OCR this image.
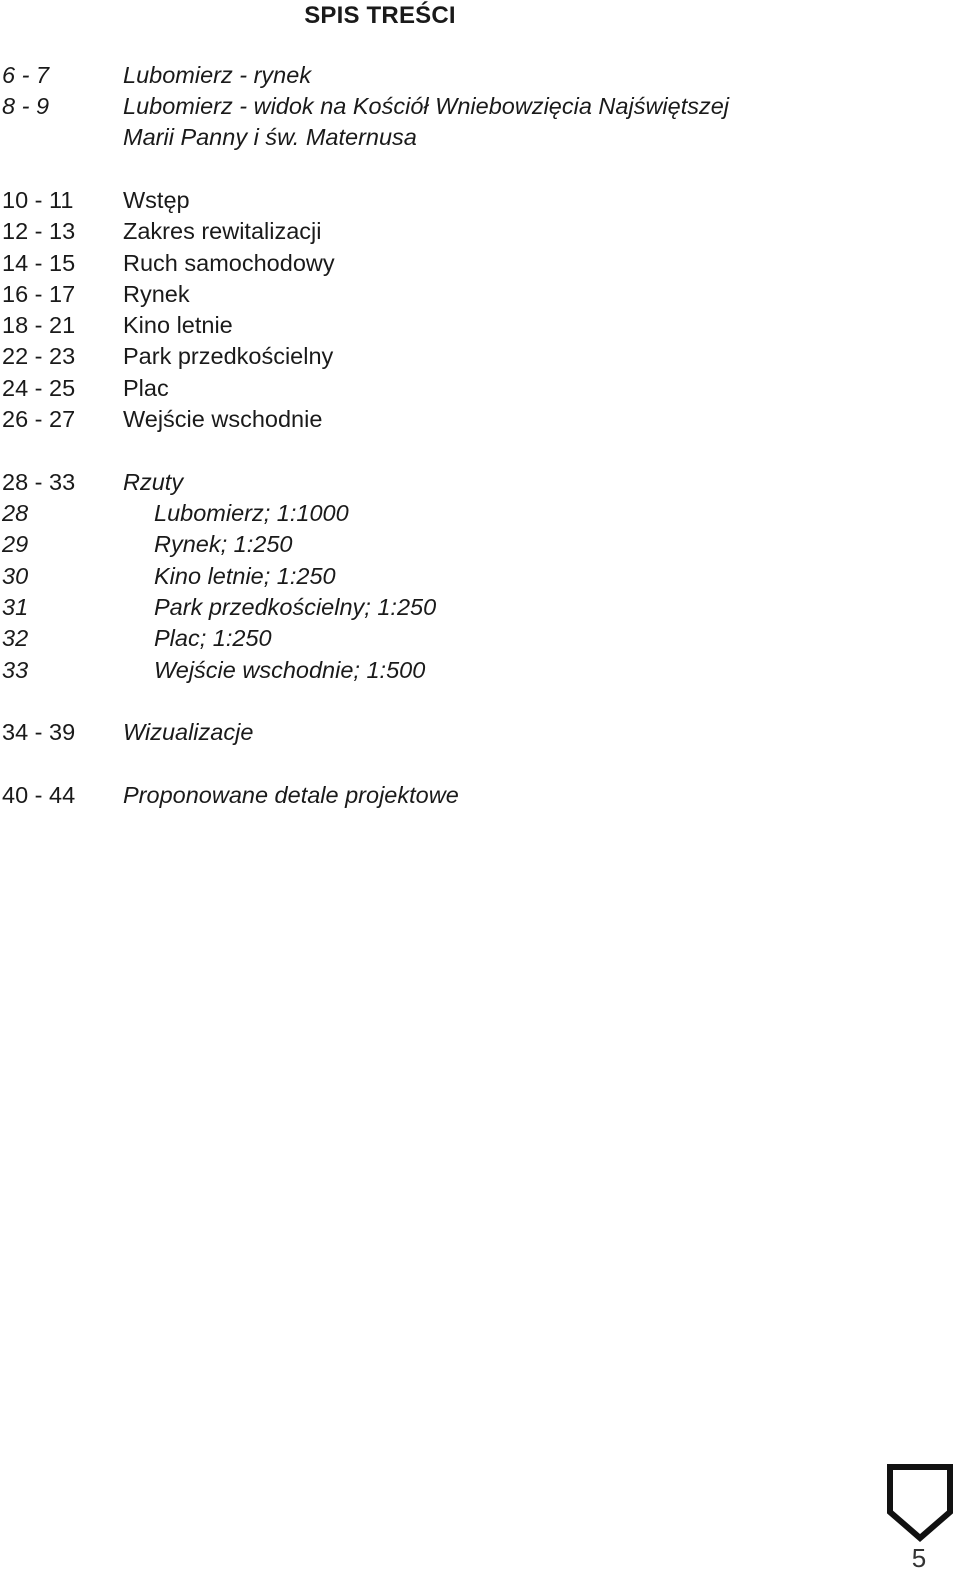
SPIS TREŚCI
6 - 7	Lubomierz - rynek
8 - 9	Lubomierz - widok na Kościół Wniebowzięcia Najświętszej Marii Panny i św. Maternusa
10 - 11 Wstęp
12 - 13 Zakres rewitalizacji
14 - 15 Ruch samochodowy
16 - 17 Rynek
18 - 21 Kino letnie
22 - 23 Park przedkościelny
24 - 25 Plac
26 - 27 Wejście wschodnie
28 - 33 Rzuty
28	Lubomierz; 1:1000
29	Rynek; 1:250
30	Kino letnie; 1:250
31	Park przedkościelny; 1:250
32	Plac; 1:250
33	Wejście wschodnie; 1:500
34 - 39 Wizualizacje
40 - 44 Proponowane detale projektowe
5
